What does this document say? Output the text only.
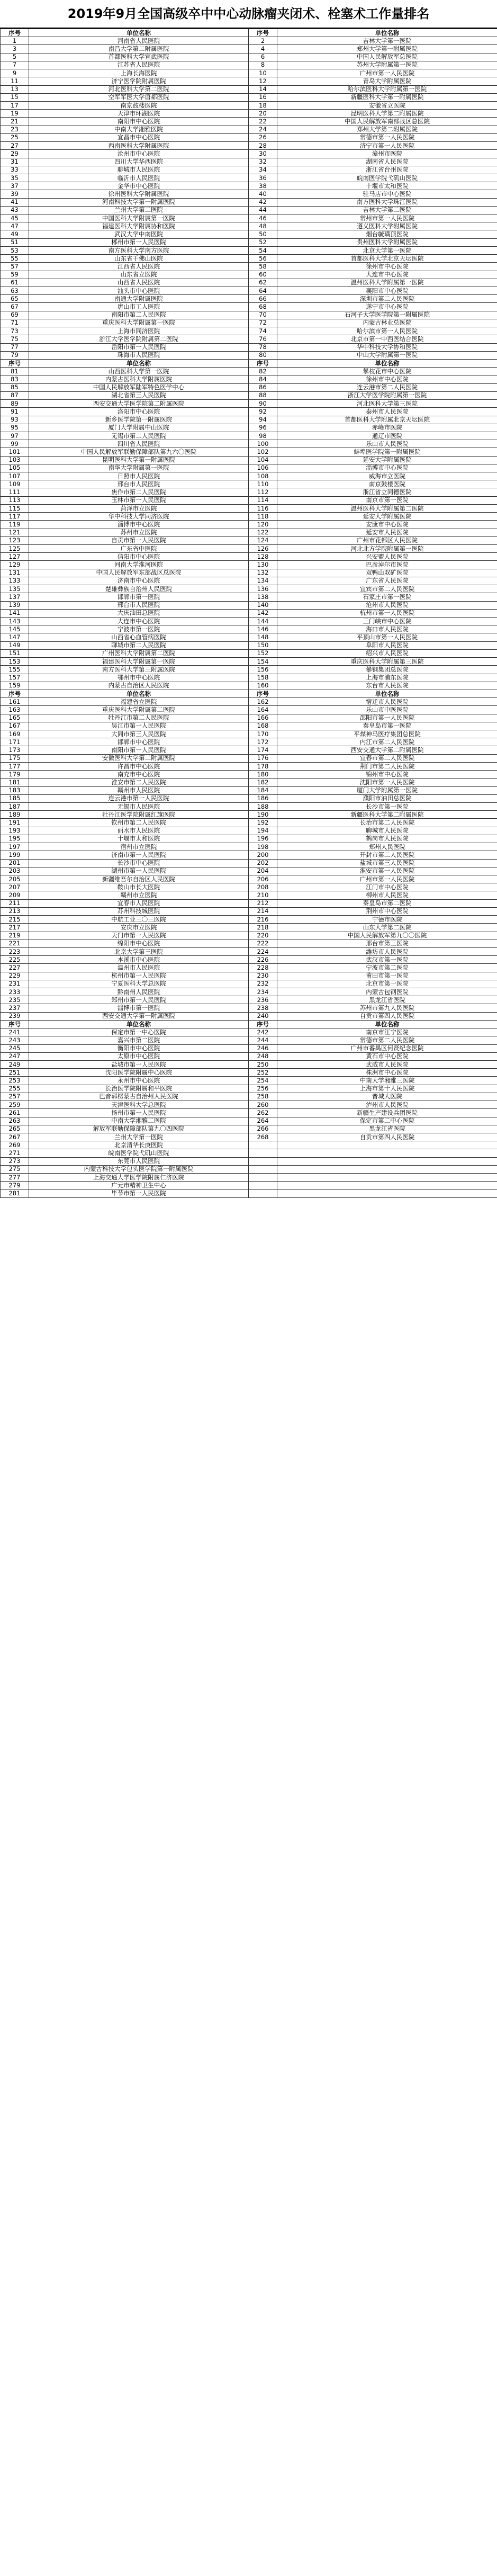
2019年9月全国高级卒中中心动脉瘤夹闭术、栓塞术工作量排名
序号	单位名称	序号	单位名称
1	河南省人民医院	2	吉林大学第一医院
3	南昌大学第二附属医院	4	郑州大学第一附属医院
5	首都医科大学宣武医院	6	中国人民解放军总医院
7	江苏省人民医院	8	苏州大学附属第一医院
9	上海长海医院	10	广州市第一人民医院
11	济宁医学院附属医院	12	青岛大学附属医院
13	河北医科大学第二医院	14	哈尔滨医科大学附属第一医院
15	空军军医大学唐都医院	16	新疆医科大学第一附属医院
17	南京鼓楼医院	18	安徽省立医院
19	天津市环湖医院	20	昆明医科大学第二附属医院
21	南阳市中心医院	22	中国人民解放军南部战区总医院
23	中南大学湘雅医院	24	郑州大学第二附属医院
25	宜昌市中心医院	26	常德市第一人民医院
27	西南医科大学附属医院	28	济宁市第一人民医院
29	沧州市中心医院	30	漳州市医院
31	四川大学华西医院	32	湖南省人民医院
33	聊城市人民医院	34	浙江省台州医院
35	临沂市人民医院	36	皖南医学院弋矶山医院
37	金华市中心医院	38	十堰市太和医院
39	徐州医科大学附属医院	40	驻马店市中心医院
41	河南科技大学第一附属医院	42	南方医科大学珠江医院
43	兰州大学第二医院	44	吉林大学第二医院
45	中国医科大学附属第一医院	46	常州市第一人民医院
47	福建医科大学附属协和医院	48	遵义医科大学附属医院
49	武汉大学中南医院	50	烟台毓璜顶医院
51	郴州市第一人民医院	52	贵州医科大学附属医院
53	南方医科大学南方医院	54	北京大学第一医院
55	山东省千佛山医院	56	首都医科大学北京天坛医院
57	江西省人民医院	58	徐州市中心医院
59	山东省立医院	60	大连市中心医院
61	山西省人民医院	62	温州医科大学附属第一医院
63	汕头市中心医院	64	襄阳市中心医院
65	南通大学附属医院	66	深圳市第二人民医院
67	唐山市工人医院	68	遂宁市中心医院
69	南阳市第二人民医院	70	石河子大学医学院第一附属医院
71	重庆医科大学附属第一医院	72	内蒙古林业总医院
73	上海市同济医院	74	哈尔滨市第一人民医院
75	浙江大学医学院附属第二医院	76	北京市第一中西医结合医院
77	岳阳市第一人民医院	78	华中科技大学协和医院
79	珠海市人民医院	80	中山大学附属第一医院
序号	单位名称	序号	单位名称
81	山西医科大学第一医院	82	攀枝花市中心医院
83	内蒙古医科大学附属医院	84	徐州市中心医院
85	中国人民解放军陆军特色医学中心	86	连云港市第二人民医院
87	湖北省第三人民医院	88	浙江大学医学院附属第一医院
89	西安交通大学医学院第二附属医院	90	河北医科大学第三医院
91	洛阳市中心医院	92	泰州市人民医院
93	新乡医学院第一附属医院	94	首都医科大学附属北京天坛医院
95	厦门大学附属中山医院	96	赤峰市医院
97	无锡市第二人民医院	98	通辽市医院
99	四川省人民医院	100	乐山市人民医院
101	中国人民解放军联勤保障部队第九六〇医院	102	蚌埠医学院第一附属医院
103	昆明医科大学第一附属医院	104	延安大学附属医院
105	南华大学附属第一医院	106	淄博市中心医院
107	日照市人民医院	108	威海市立医院
109	邢台市人民医院	110	南京鼓楼医院
111	焦作市第二人民医院	112	浙江省立同德医院
113	玉林市第一人民医院	114	南京市第一医院
115	菏泽市立医院	116	温州医科大学附属第二医院
117	华中科技大学同济医院	118	延安大学附属医院
119	淄博市中心医院	120	安康市中心医院
121	苏州市立医院	122	延安市人民医院
123	自贡市第一人民医院	124	广州市花都区人民医院
125	广东省中医院	126	河北北方学院附属第一医院
127	信阳市中心医院	128	兴安盟人民医院
129	河南大学淮河医院	130	巴彦淖尔市医院
131	中国人民解放军东部战区总医院	132	双鸭山双矿医院
133	济南市中心医院	134	广东省人民医院
135	楚雄彝族自治州人民医院	136	宜宾市第二人民医院
137	邯郸市第一医院	138	石家庄市第一医院
139	邢台市人民医院	140	沧州市人民医院
141	大庆油田总医院	142	杭州市第一人民医院
143	大连市中心医院	144	三门峡市中心医院
145	宁波市第一医院	146	海口市人民医院
147	山西省心血管病医院	148	平顶山市第一人民医院
149	聊城市第二人民医院	150	阜阳市人民医院
151	广州医科大学附属第二医院	152	绍兴市人民医院
153	福建医科大学附属第一医院	154	重庆医科大学附属第三医院
155	南方医科大学第三附属医院	156	攀钢集团总医院
157	鄂州市中心医院	158	上海市浦东医院
159	内蒙古自治区人民医院	160	东台市人民医院
序号	单位名称	序号	单位名称
161	福建省立医院	162	宿迁市人民医院
163	重庆医科大学附属第二医院	164	乐山市中医医院
165	牡丹江市第二人民医院	166	邵阳市第一人民医院
167	吴江市第一人民医院	168	秦皇岛市第一医院
169	大同市第三人民医院	170	平煤神马医疗集团总医院
171	邯郸市中心医院	172	内江市第二人民医院
173	南阳市第一人民医院	174	西安交通大学第二附属医院
175	安徽医科大学第二附属医院	176	宜春市第二人民医院
177	许昌市中心医院	178	荆门市第二人民医院
179	南充市中心医院	180	锦州市中心医院
181	淮安市第二人民医院	182	沈阳市第一人民医院
183	赣州市人民医院	184	厦门大学附属第一医院
185	连云港市第一人民医院	186	濮阳市油田总医院
187	无锡市人民医院	188	长沙市第一医院
189	牡丹江医学院附属红旗医院	190	新疆医科大学第二附属医院
191	钦州市第二人民医院	192	长治市第二人民医院
193	丽水市人民医院	194	聊城市人民医院
195	十堰市太和医院	196	鹤岗市人民医院
197	宿州市立医院	198	郑州人民医院
199	济南市第一人民医院	200	开封市第二人民医院
201	长沙市中心医院	202	盐城市第三人民医院
203	湖州市第一人民医院	204	淮安市第一人民医院
205	新疆维吾尔自治区人民医院	206	广州市第一人民医院
207	鞍山市长大医院	208	江门市中心医院
209	赣州市立医院	210	柳州市人民医院
211	宜春市人民医院	212	秦皇岛市第二医院
213	苏州科技城医院	214	荆州市中心医院
215	中航工业三〇三医院	216	宁德市医院
217	安庆市立医院	218	山东大学第二医院
219	天门市第一人民医院	220	中国人民解放军第九〇〇医院
221	绵阳市中心医院	222	邢台市第三医院
223	北京大学第三医院	224	潍坊市人民医院
225	本溪市中心医院	226	武汉市第一医院
227	温州市人民医院	228	宁波市第二医院
229	杭州市第一人民医院	230	莆田市第一医院
231	宁夏医科大学总医院	232	北京市第一医院
233	黔南州人民医院	234	内蒙古包钢医院
235	郑州市第一人民医院	236	黑龙江省医院
237	淄博市第一医院	238	苏州市第九人民医院
239	西安交通大学第一附属医院	240	自贡市第四人民医院
序号	单位名称	序号	单位名称
241	保定市第一中心医院	242	南京市江宁医院
243	嘉兴市第二医院	244	常德市第二人民医院
245	衡阳市中心医院	246	广州市番禺区何贤纪念医院
247	太原市中心医院	248	黄石市中心医院
249	盐城市第一人民医院	250	武威市人民医院
251	沈阳医学院附属中心医院	252	株洲市中心医院
253	永州市中心医院	254	中南大学湘雅三医院
255	长治医学院附属和平医院	256	上海市第十人民医院
257	巴音郭楞蒙古自治州人民医院	258	晋城大医院
259	天津医科大学总医院	260	泸州市人民医院
261	扬州市第一人民医院	262	新疆生产建设兵团医院
263	中南大学湘雅二医院	264	保定市第二中心医院
265	解放军联勤保障部队第九〇四医院	266	黑龙江省医院
267	兰州大学第一医院	268	自贡市第四人民医院
269	北京清华长庚医院		
271	皖南医学院弋矶山医院		
273	东莞市人民医院		
275	内蒙古科技大学包头医学院第一附属医院		
277	上海交通大学医学院附属仁济医院		
279	广元市精神卫生中心		
281	毕节市第一人民医院		
